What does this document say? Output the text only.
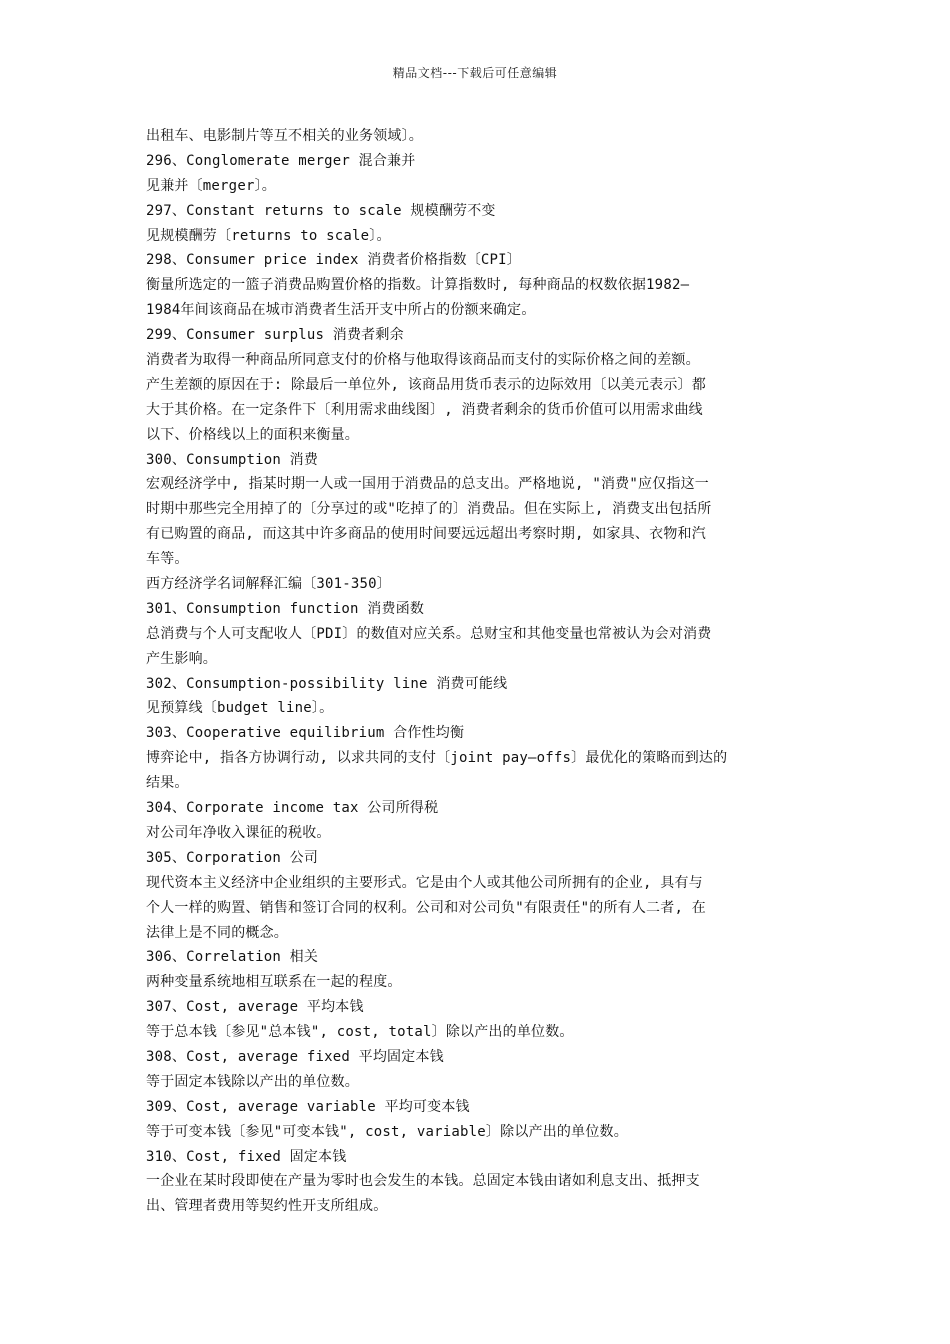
精品文档---下载后可任意编辑
出租车、电影制片等互不相关的业务领域〕。
296、Conglomerate merger 混合兼并
见兼并〔merger〕。
297、Constant returns to scale 规模酬劳不变
见规模酬劳〔returns to scale〕。
298、Consumer price index 消费者价格指数〔CPI〕
衡量所选定的一篮子消费品购置价格的指数。计算指数时, 每种商品的权数依据1982—
1984年间该商品在城市消费者生活开支中所占的份额来确定。
299、Consumer surplus 消费者剩余
消费者为取得一种商品所同意支付的价格与他取得该商品而支付的实际价格之间的差额。
产生差额的原因在于: 除最后一单位外, 该商品用货币表示的边际效用〔以美元表示〕都
大于其价格。在一定条件下〔利用需求曲线图〕, 消费者剩余的货币价值可以用需求曲线
以下、价格线以上的面积来衡量。
300、Consumption 消费
宏观经济学中, 指某时期一人或一国用于消费品的总支出。严格地说, "消费"应仅指这一
时期中那些完全用掉了的〔分享过的或"吃掉了的〕消费品。但在实际上, 消费支出包括所
有已购置的商品, 而这其中许多商品的使用时间要远远超出考察时期, 如家具、衣物和汽
车等。
西方经济学名词解释汇编〔301-350〕
301、Consumption function 消费函数
总消费与个人可支配收人〔PDI〕的数值对应关系。总财宝和其他变量也常被认为会对消费
产生影响。
302、Consumption-possibility line 消费可能线
见预算线〔budget line〕。
303、Cooperative equilibrium 合作性均衡
博弈论中, 指各方协调行动, 以求共同的支付〔joint pay—offs〕最优化的策略而到达的
结果。
304、Corporate income tax 公司所得税
对公司年净收入课征的税收。
305、Corporation 公司
现代资本主义经济中企业组织的主要形式。它是由个人或其他公司所拥有的企业, 具有与
个人一样的购置、销售和签订合同的权利。公司和对公司负"有限责任"的所有人二者, 在
法律上是不同的概念。
306、Correlation 相关
两种变量系统地相互联系在一起的程度。
307、Cost, average 平均本钱
等于总本钱〔参见"总本钱", cost, total〕除以产出的单位数。
308、Cost, average fixed 平均固定本钱
等于固定本钱除以产出的单位数。
309、Cost, average variable 平均可变本钱
等于可变本钱〔参见"可变本钱", cost, variable〕除以产出的单位数。
310、Cost, fixed 固定本钱
一企业在某时段即使在产量为零时也会发生的本钱。总固定本钱由诸如利息支出、抵押支
出、管理者费用等契约性开支所组成。
